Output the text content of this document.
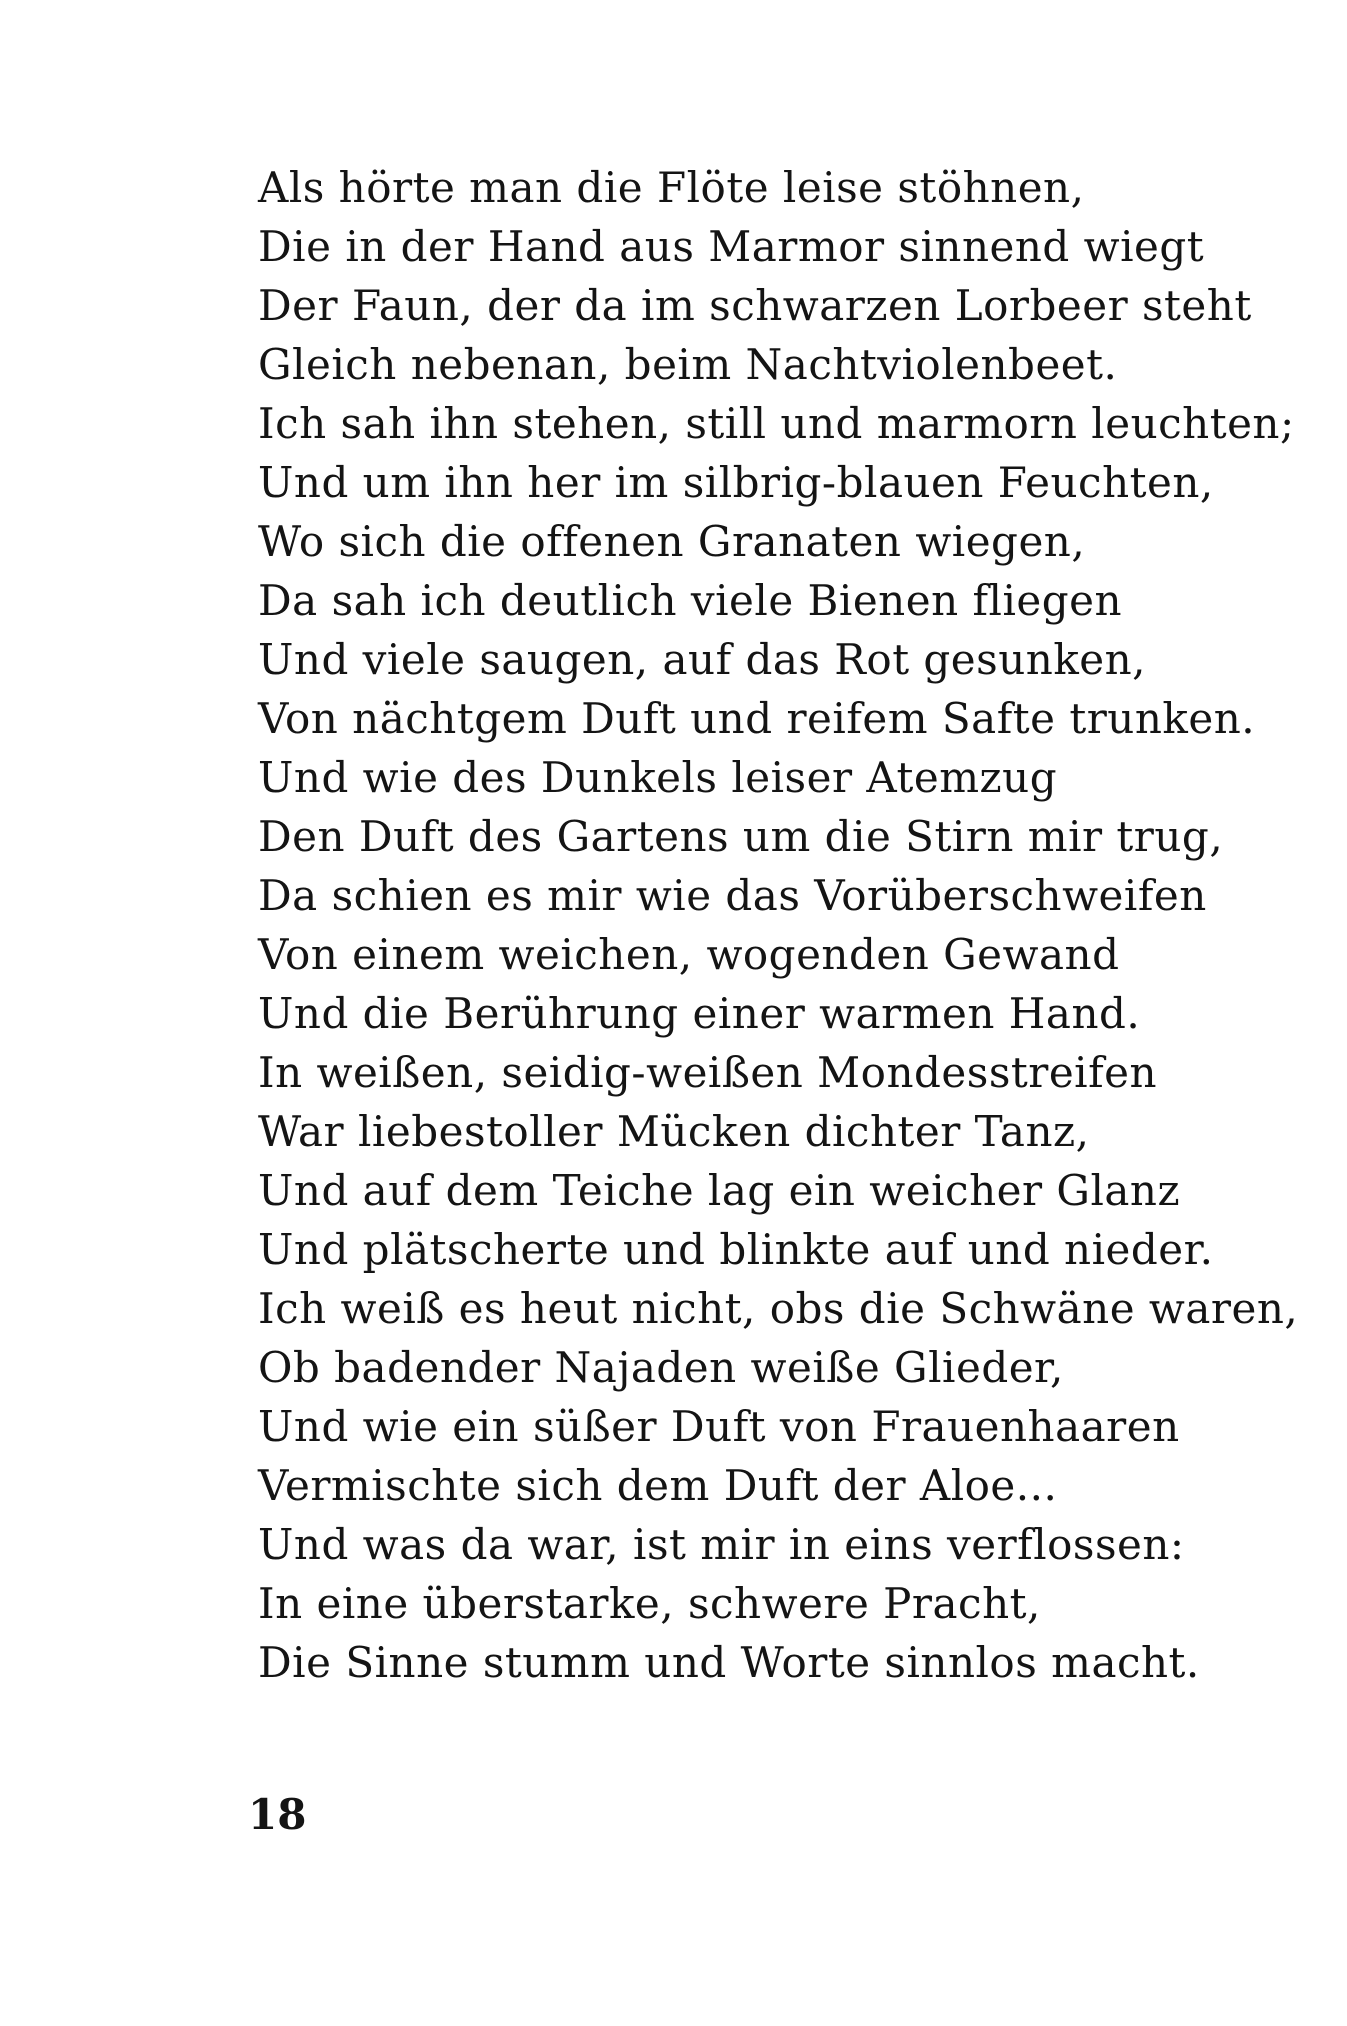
Als hörte man die Flöte leise stöhnen,
Die in der Hand aus Marmor sinnend wiegt
Der Faun, der da im schwarzen Lorbeer steht
Gleich nebenan, beim Nachtviolenbeet.
Ich sah ihn stehen, still und marmorn leuchten;
Und um ihn her im silbrig-blauen Feuchten,
Wo sich die offenen Granaten wiegen,
Da sah ich deutlich viele Bienen fliegen
Und viele saugen, auf das Rot gesunken,
Von nächtgem Duft und reifem Safte trunken.
Und wie des Dunkels leiser Atemzug
Den Duft des Gartens um die Stirn mir trug,
Da schien es mir wie das Vorüberschweifen
Von einem weichen, wogenden Gewand
Und die Berührung einer warmen Hand.
In weißen, seidig-weißen Mondesstreifen
War liebestoller Mücken dichter Tanz,
Und auf dem Teiche lag ein weicher Glanz
Und plätscherte und blinkte auf und nieder.
Ich weiß es heut nicht, obs die Schwäne waren,
Ob badender Najaden weiße Glieder,
Und wie ein süßer Duft von Frauenhaaren
Vermischte sich dem Duft der Aloe...
Und was da war, ist mir in eins verflossen:
In eine überstarke, schwere Pracht,
Die Sinne stumm und Worte sinnlos macht.
18
